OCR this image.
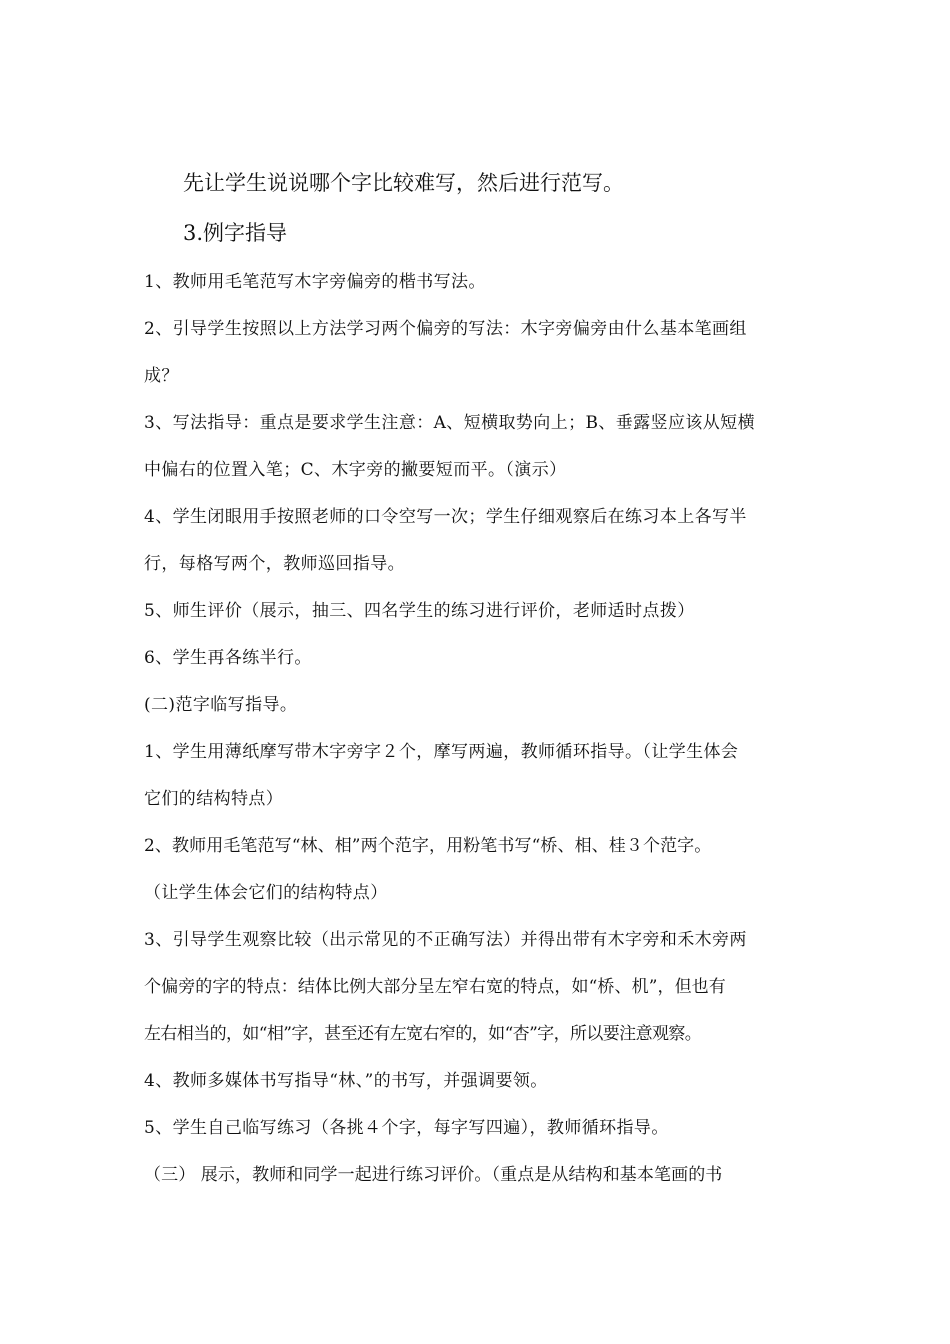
先让学生说说哪个字比较难写，然后进行范写。

3.例字指导

1、教师用毛笔范写木字旁偏旁的楷书写法。

2、引导学生按照以上方法学习两个偏旁的写法：木字旁偏旁由什么基本笔画组

成？

3、写法指导：重点是要求学生注意：A、短横取势向上；B、垂露竖应该从短横

中偏右的位置入笔；C、木字旁的撇要短而平。（演示）

4、学生闭眼用手按照老师的口令空写一次；学生仔细观察后在练习本上各写半

行，每格写两个，教师巡回指导。

5、师生评价（展示，抽三、四名学生的练习进行评价，老师适时点拨）

6、学生再各练半行。

(二)范字临写指导。

1、学生用薄纸摩写带木字旁字２个，摩写两遍，教师循环指导。（让学生体会

它们的结构特点）

2、教师用毛笔范写“林、相”两个范字，用粉笔书写“桥、相、桂３个范字。

（让学生体会它们的结构特点）

3、引导学生观察比较（出示常见的不正确写法）并得出带有木字旁和禾木旁两

个偏旁的字的特点：结体比例大部分呈左窄右宽的特点，如“桥、机”，但也有

左右相当的，如“相”字，甚至还有左宽右窄的，如“杏”字，所以要注意观察。

4、教师多媒体书写指导“林、”的书写，并强调要领。

5、学生自己临写练习（各挑４个字，每字写四遍），教师循环指导。

（三） 展示，教师和同学一起进行练习评价。（重点是从结构和基本笔画的书
